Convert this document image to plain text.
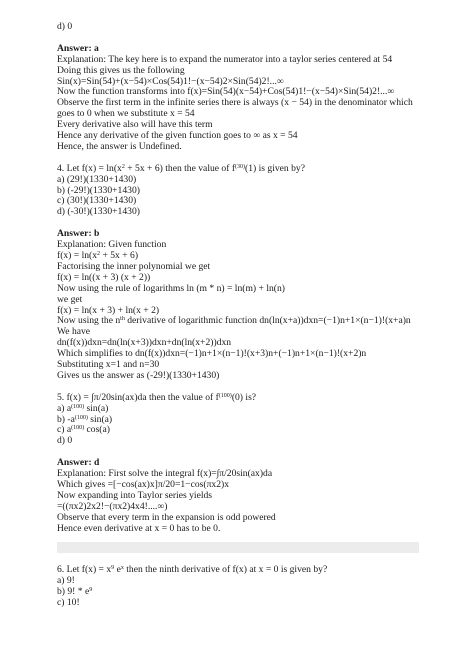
d) 0
Answer: a
Explanation: The key here is to expand the numerator into a taylor series centered at 54
Doing this gives us the following
Sin(x)=Sin(54)+(x−54)×Cos(54)1!−(x−54)2×Sin(54)2!...∞
Now the function transforms into f(x)=Sin(54)(x−54)+Cos(54)1!−(x−54)×Sin(54)2!...∞
Observe the first term in the infinite series there is always (x − 54) in the denominator which
goes to 0 when we substitute x = 54
Every derivative also will have this term
Hence any derivative of the given function goes to ∞ as x = 54
Hence, the answer is Undefined.
4. Let $f(x) = \ln(x^2 + 5x + 6)$ then the value of $f^{(30)}(1)$ is given by?
a) (29!)(1330+1430)
b) (-29!)(1330+1430)
c) (30!)(1330+1430)
d) (-30!)(1330+1430)
Answer: b
Explanation: Given function
$f(x) = \ln(x^2 + 5x + 6)$
Factorising the inner polynomial we get
f(x) = ln((x + 3) (x + 2))
Now using the rule of logarithms ln (m * n) = ln(m) + ln(n)
we get
f(x) = ln(x + 3) + ln(x + 2)
Now using the $n^{th}$ derivative of logarithmic function dn(ln(x+a))dxn=(−1)n+1×(n−1)!(x+a)n
We have
dn(f(x))dxn=dn(ln(x+3))dxn+dn(ln(x+2))dxn
Which simplifies to dn(f(x))dxn=(−1)n+1×(n−1)!(x+3)n+(−1)n+1×(n−1)!(x+2)n
Substituting x=1 and n=30
Gives us the answer as (-29!)(1330+1430)
5. f(x) = ∫π/20sin(ax)da then the value of $f^{(100)}(0)$ is?
a) $a^{(100)}$ sin(a)
b) $-a^{(100)}$ sin(a)
c) $a^{(100)}$ cos(a)
d) 0
Answer: d
Explanation: First solve the integral f(x)=∫π/20sin(ax)da
Which gives =[−cos(ax)x]π/20=1−cos(πx2)x
Now expanding into Taylor series yields
=((πx2)2x2!−(πx2)4x4!....∞)
Observe that every term in the expansion is odd powered
Hence even derivative at x = 0 has to be 0.
6. Let $f(x) = x^9$ $e^x$ then the ninth derivative of f(x) at x = 0 is given by?
a) 9!
b) 9! * $e^9$
c) 10!
